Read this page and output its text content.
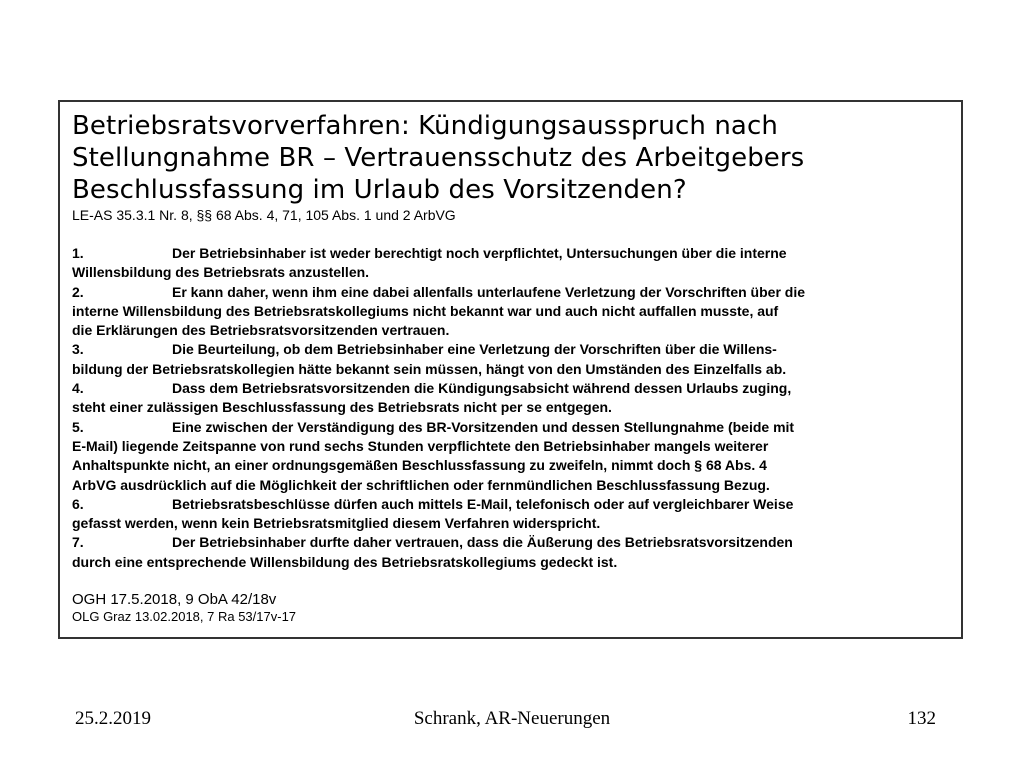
Betriebsratsvorverfahren: Kündigungsausspruch nach
Stellungnahme BR – Vertrauensschutz des Arbeitgebers
Beschlussfassung im Urlaub des Vorsitzenden?
LE-AS 35.3.1 Nr. 8, §§ 68 Abs. 4, 71, 105 Abs. 1 und 2 ArbVG
1.	Der Betriebsinhaber ist weder berechtigt noch verpflichtet, Untersuchungen über die interne
Willensbildung des Betriebsrats anzustellen.
2.	Er kann daher, wenn ihm eine dabei allenfalls unterlaufene Verletzung der Vorschriften über die
interne Willensbildung des Betriebsratskollegiums nicht bekannt war und auch nicht auffallen musste, auf
die Erklärungen des Betriebsratsvorsitzenden vertrauen.
3.	Die Beurteilung, ob dem Betriebsinhaber eine Verletzung der Vorschriften über die Willens-
bildung der Betriebsratskollegien hätte bekannt sein müssen, hängt von den Umständen des Einzelfalls ab.
4.	Dass dem Betriebsratsvorsitzenden die Kündigungsabsicht während dessen Urlaubs zuging,
steht einer zulässigen Beschlussfassung des Betriebsrats nicht per se entgegen.
5.	Eine zwischen der Verständigung des BR-Vorsitzenden und dessen Stellungnahme (beide mit
E-Mail) liegende Zeitspanne von rund sechs Stunden verpflichtete den Betriebsinhaber mangels weiterer
Anhaltspunkte nicht, an einer ordnungsgemäßen Beschlussfassung zu zweifeln, nimmt doch § 68 Abs. 4
ArbVG ausdrücklich auf die Möglichkeit der schriftlichen oder fernmündlichen Beschlussfassung Bezug.
6.	Betriebsratsbeschlüsse dürfen auch mittels E-Mail, telefonisch oder auf vergleichbarer Weise
gefasst werden, wenn kein Betriebsratsmitglied diesem Verfahren widerspricht.
7.	Der Betriebsinhaber durfte daher vertrauen, dass die Äußerung des Betriebsratsvorsitzenden
durch eine entsprechende Willensbildung des Betriebsratskollegiums gedeckt ist.
OGH 17.5.2018, 9 ObA 42/18v
OLG Graz 13.02.2018, 7 Ra 53/17v-17
25.2.2019	Schrank, AR-Neuerungen	132
